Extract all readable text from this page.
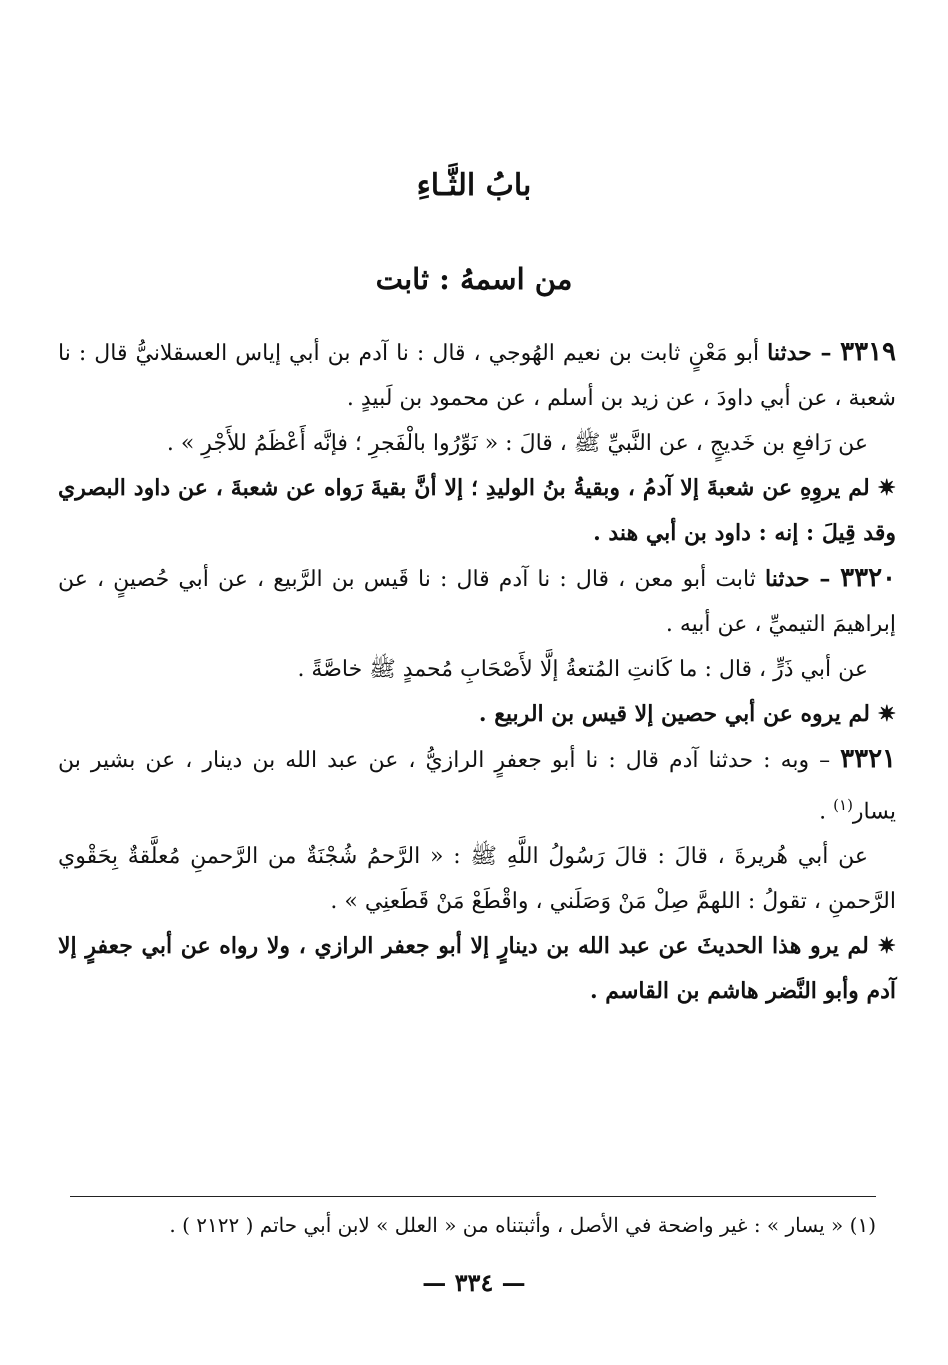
بابُ الثَّـاءِ
من اسمهُ : ثابت

٣٣١٩ – حدثنا أبو مَعْنٍ ثابت بن نعيم الهُوجي ، قال : نا آدم بن أبي إياس العسقلانيُّ قال : نا شعبة ، عن أبي داودَ ، عن زيد بن أسلم ، عن محمود بن لَبيدٍ .

عن رَافعِ بن خَديجٍ ، عن النَّبيِّ ﷺ ، قالَ : « نَوِّرُوا بالْفَجرِ ؛ فإنَّه أَعْظَمُ للأَجْرِ » .

✷ لم يروِهِ عن شعبةَ إلا آدمُ ، وبقيةُ بنُ الوليدِ ؛ إلا أنَّ بقيةَ رَواه عن شعبةَ ، عن داود البصري وقد قِيلَ : إنه : داود بن أبي هند .

٣٣٢٠ – حدثنا ثابت أبو معن ، قال : نا آدم قال : نا قَيس بن الرَّبيع ، عن أبي حُصينٍ ، عن إبراهيمَ التيميِّ ، عن أبيه .

عن أبي ذَرٍّ ، قال : ما كَانتِ المُتعةُ إلَّا لأَصْحَابِ مُحمدٍ ﷺ خاصَّةً .

✷ لم يروه عن أبي حصين إلا قيس بن الربيع .

٣٣٢١ – وبه : حدثنا آدم قال : نا أبو جعفرٍ الرازيُّ ، عن عبد الله بن دينار ، عن بشير بن يسار$^{(١)}$ .

عن أبي هُريرةَ ، قالَ : قالَ رَسُولُ اللَّهِ ﷺ : « الرَّحمُ شُجْنَةٌ من الرَّحمنِ مُعلَّقةٌ بِحَقْوي الرَّحمنِ ، تقولُ : اللهمَّ صِلْ مَنْ وَصَلَني ، واقْطَعْ مَنْ قَطَعنِي » .

✷ لم يرو هذا الحديثَ عن عبد الله بن دينارٍ إلا أبو جعفر الرازي ، ولا رواه عن أبي جعفرٍ إلا آدم وأبو النَّضر هاشم بن القاسم .

(١) « يسار » : غير واضحة في الأصل ، وأثبتناه من « العلل » لابن أبي حاتم ( ٢١٢٢ ) .
— ٣٣٤ —
